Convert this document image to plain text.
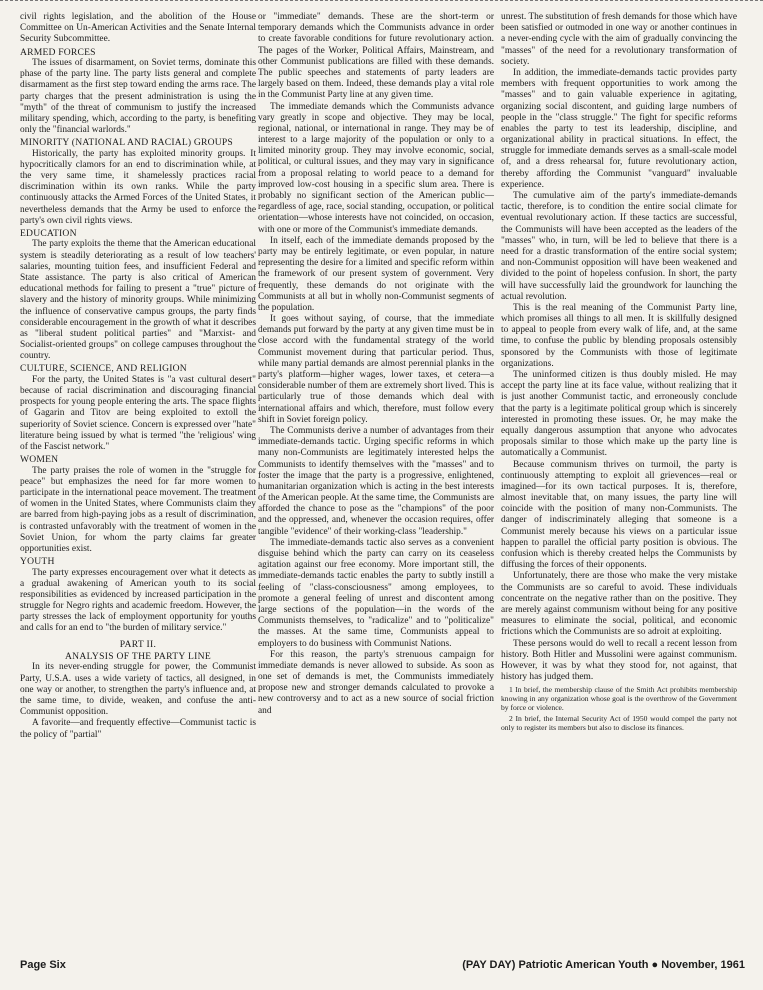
civil rights legislation, and the abolition of the House Committee on Un-American Activities and the Senate Internal Security Subcommittee.

ARMED FORCES

The issues of disarmament, on Soviet terms, dominate this phase of the party line. The party lists general and complete disarmament as the first step toward ending the arms race. The party charges that the present administration is using the "myth" of the threat of communism to justify the increased military spending, which, according to the party, is benefiting only the "financial warlords."

MINORITY (NATIONAL AND RACIAL) GROUPS

Historically, the party has exploited minority groups. It hypocritically clamors for an end to discrimination while, at the very same time, it shamelessly practices racial discrimination within its own ranks. While the party continuously attacks the Armed Forces of the United States, it nevertheless demands that the Army be used to enforce the party's own civil rights views.

EDUCATION

The party exploits the theme that the American educational system is steadily deteriorating as a result of low teachers' salaries, mounting tuition fees, and insufficient Federal and State assistance. The party is also critical of American educational methods for failing to present a "true" picture of slavery and the history of minority groups. While minimizing the influence of conservative campus groups, the party finds considerable encouragement in the growth of what it describes as "liberal student political parties" and "Marxist- and Socialist-oriented groups" on college campuses throughout the country.

CULTURE, SCIENCE, AND RELIGION

For the party, the United States is "a vast cultural desert" because of racial discrimination and discouraging financial prospects for young people entering the arts. The space flights of Gagarin and Titov are being exploited to extoll the superiority of Soviet science. Concern is expressed over "hate" literature being issued by what is termed "the 'religious' wing of the Fascist network."

WOMEN

The party praises the role of women in the "struggle for peace" but emphasizes the need for far more women to participate in the international peace movement. The treatment of women in the United States, where Communists claim they are barred from high-paying jobs as a result of discrimination, is contrasted unfavorably with the treatment of women in the Soviet Union, for whom the party claims far greater opportunities exist.

YOUTH

The party expresses encouragement over what it detects as a gradual awakening of American youth to its social responsibilities as evidenced by increased participation in the struggle for Negro rights and academic freedom. However, the party stresses the lack of employment opportunity for youths and calls for an end to "the burden of military service."

PART II.
ANALYSIS OF THE PARTY LINE

In its never-ending struggle for power, the Communist Party, U.S.A. uses a wide variety of tactics, all designed, in one way or another, to strengthen the party's influence and, at the same time, to divide, weaken, and confuse the anti-Communist opposition.

A favorite—and frequently effective—Communist tactic is the policy of "partial"

or "immediate" demands. These are the short-term or temporary demands which the Communists advance in order to create favorable conditions for future revolutionary action. The pages of the Worker, Political Affairs, Mainstream, and other Communist publications are filled with these demands. The public speeches and statements of party leaders are largely based on them. Indeed, these demands play a vital role in the Communist Party line at any given time.

The immediate demands which the Communists advance vary greatly in scope and objective. They may be local, regional, national, or international in range. They may be of interest to a large majority of the population or only to a limited minority group. They may involve economic, social, political, or cultural issues, and they may vary in significance from a proposal relating to world peace to a demand for improved low-cost housing in a specific slum area. There is probably no significant section of the American public—regardless of age, race, social standing, occupation, or political orientation—whose interests have not coincided, on occasion, with one or more of the Communist's immediate demands.

In itself, each of the immediate demands proposed by the party may be entirely legitimate, or even popular, in nature representing the desire for a limited and specific reform within the framework of our present system of government. Very frequently, these demands do not originate with the Communists at all but in wholly non-Communist segments of the population.

It goes without saying, of course, that the immediate demands put forward by the party at any given time must be in close accord with the fundamental strategy of the world Communist movement during that particular period. Thus, while many partial demands are almost perennial planks in the party's platform—higher wages, lower taxes, et cetera—a considerable number of them are extremely short lived. This is particularly true of those demands which deal with international affairs and which, therefore, must follow every shift in Soviet foreign policy.

The Communists derive a number of advantages from their immediate-demands tactic. Urging specific reforms in which many non-Communists are legitimately interested helps the Communists to identify themselves with the "masses" and to foster the image that the party is a progressive, enlightened, humanitarian organization which is acting in the best interests of the American people. At the same time, the Communists are afforded the chance to pose as the "champions" of the poor and the oppressed, and, whenever the occasion requires, offer tangible "evidence" of their working-class "leadership."

The immediate-demands tactic also serves as a convenient disguise behind which the party can carry on its ceaseless agitation against our free economy. More important still, the immediate-demands tactic enables the party to subtly instill a feeling of "class-consciousness" among employees, to promote a general feeling of unrest and discontent among large sections of the population—in the words of the Communists themselves, to "radicalize" and to "politicalize" the masses. At the same time, Communists appeal to employers to do business with Communist Nations.

For this reason, the party's strenuous campaign for immediate demands is never allowed to subside. As soon as one set of demands is met, the Communists immediately propose new and stronger demands calculated to provoke a new controversy and to act as a new source of social friction and

unrest. The substitution of fresh demands for those which have been satisfied or outmoded in one way or another continues in a never-ending cycle with the aim of gradually convincing the "masses" of the need for a revolutionary transformation of society.

In addition, the immediate-demands tactic provides party members with frequent opportunities to work among the "masses" and to gain valuable experience in agitating, organizing social discontent, and guiding large numbers of people in the "class struggle." The fight for specific reforms enables the party to test its leadership, discipline, and organizational ability in practical situations. In effect, the struggle for immediate demands serves as a small-scale model of, and a dress rehearsal for, future revolutionary action, thereby affording the Communist "vanguard" invaluable experience.

The cumulative aim of the party's immediate-demands tactic, therefore, is to condition the entire social climate for eventual revolutionary action. If these tactics are successful, the Communists will have been accepted as the leaders of the "masses" who, in turn, will be led to believe that there is a need for a drastic transformation of the entire social system; and non-Communist opposition will have been weakened and divided to the point of hopeless confusion. In short, the party will have successfully laid the groundwork for launching the actual revolution.

This is the real meaning of the Communist Party line, which promises all things to all men. It is skillfully designed to appeal to people from every walk of life, and, at the same time, to confuse the public by blending proposals ostensibly sponsored by the Communists with those of legitimate organizations.

The uninformed citizen is thus doubly misled. He may accept the party line at its face value, without realizing that it is just another Communist tactic, and erroneously conclude that the party is a legitimate political group which is sincerely interested in promoting these issues. Or, he may make the equally dangerous assumption that anyone who advocates proposals similar to those which make up the party line is automatically a Communist.

Because communism thrives on turmoil, the party is continuously attempting to exploit all grievences—real or imagined—for its own tactical purposes. It is, therefore, almost inevitable that, on many issues, the party line will coincide with the position of many non-Communists. The danger of indiscriminately alleging that someone is a Communist merely because his views on a particular issue happen to parallel the official party position is obvious. The confusion which is thereby created helps the Communists by diffusing the forces of their opponents.

Unfortunately, there are those who make the very mistake the Communists are so careful to avoid. These individuals concentrate on the negative rather than on the positive. They are merely against communism without being for any positive measures to eliminate the social, political, and economic frictions which the Communists are so adroit at exploiting.

These persons would do well to recall a recent lesson from history. Both Hitler and Mussolini were against communism. However, it was by what they stood for, not against, that history has judged them.

1 In brief, the membership clause of the Smith Act prohibits membership knowing in any organization whose goal is the overthrow of the Government by force or violence.

2 In brief, the Internal Security Act of 1950 would compel the party not only to register its members but also to disclose its finances.

Page Six	(PAY DAY) Patriotic American Youth ● November, 1961
